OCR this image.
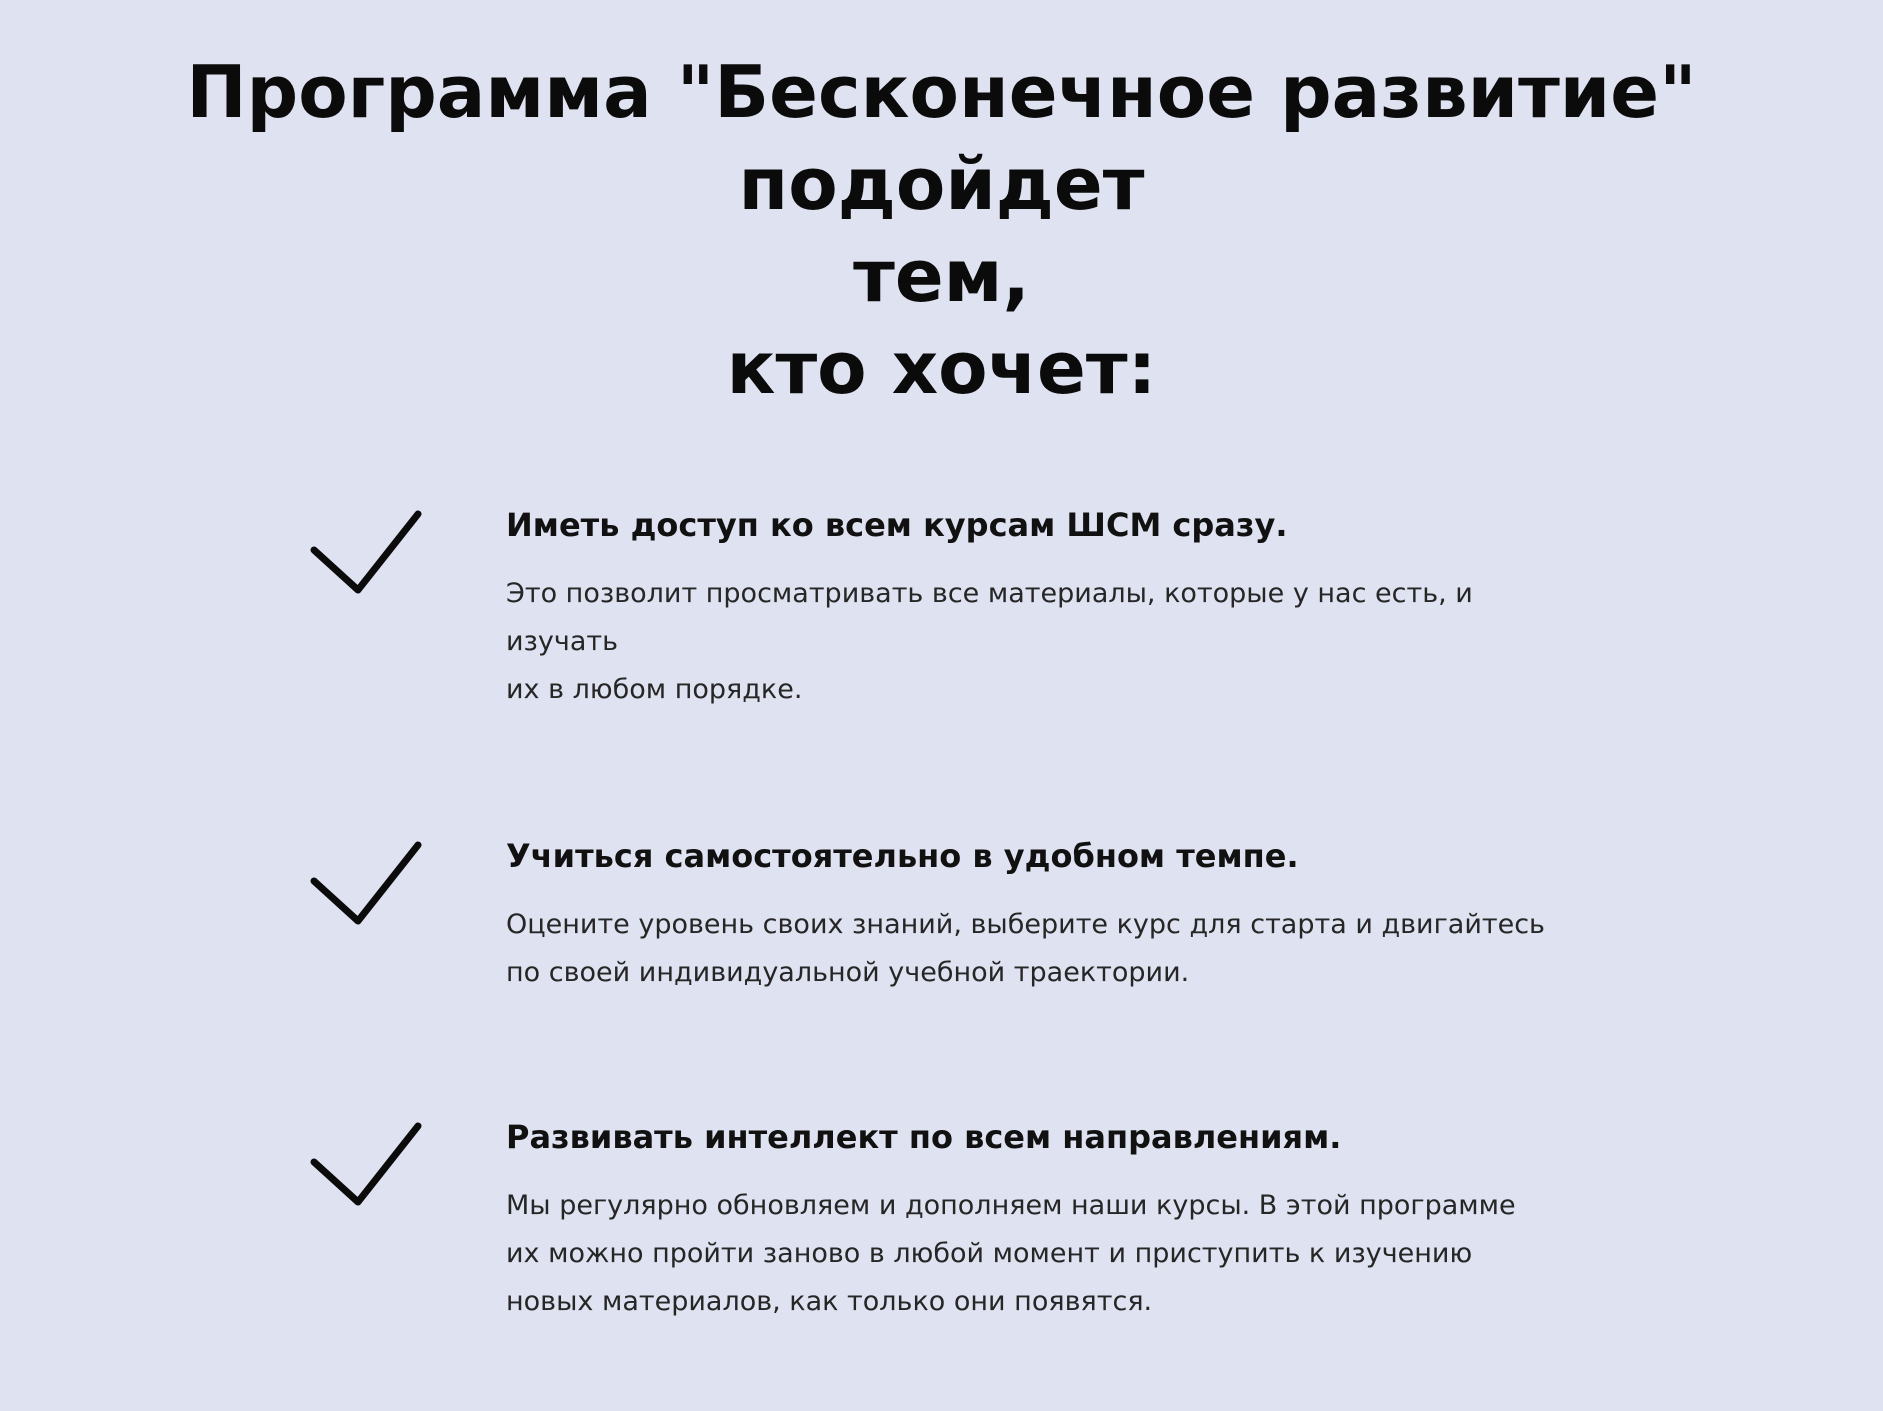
Программа "Бесконечное развитие" подойдет
тем,
кто хочет:
Иметь доступ ко всем курсам ШСМ сразу.

Это позволит просматривать все материалы, которые у нас есть, и
изучать
их в любом порядке.

Учиться самостоятельно в удобном темпе.

Оцените уровень своих знаний, выберите курс для старта и двигайтесь
по своей индивидуальной учебной траектории.

Развивать интеллект по всем направлениям.

Мы регулярно обновляем и дополняем наши курсы. В этой программе
их можно пройти заново в любой момент и приступить к изучению
новых материалов, как только они появятся.
